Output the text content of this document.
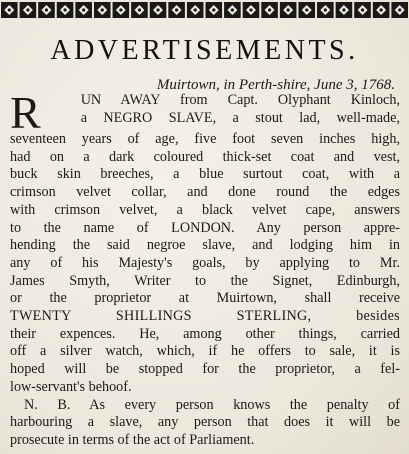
ADVERTISEMENTS.
Muirtown, in Perth-shire, June 3, 1768.
R	UN AWAY from Capt. Olyphant Kinloch,
a NEGRO SLAVE, a stout lad, well-made,
seventeen years of age, five foot seven inches high,
had on a dark coloured thick-set coat and vest,
buck skin breeches, a blue surtout coat, with a
crimson velvet collar, and done round the edges
with crimson velvet, a black velvet cape, answers
to the name of LONDON. Any person appre-
hending the said negroe slave, and lodging him in
any of his Majesty's goals, by applying to Mr.
James Smyth, Writer to the Signet, Edinburgh,
or the proprietor at Muirtown, shall receive
TWENTY SHILLINGS STERLING, besides
their expences. He, among other things, carried
off a silver watch, which, if he offers to sale, it is
hoped will be stopped for the proprietor, a fel-
low-servant's behoof.
N. B. As every person knows the penalty of
harbouring a slave, any person that does it will be
prosecute in terms of the act of Parliament.
